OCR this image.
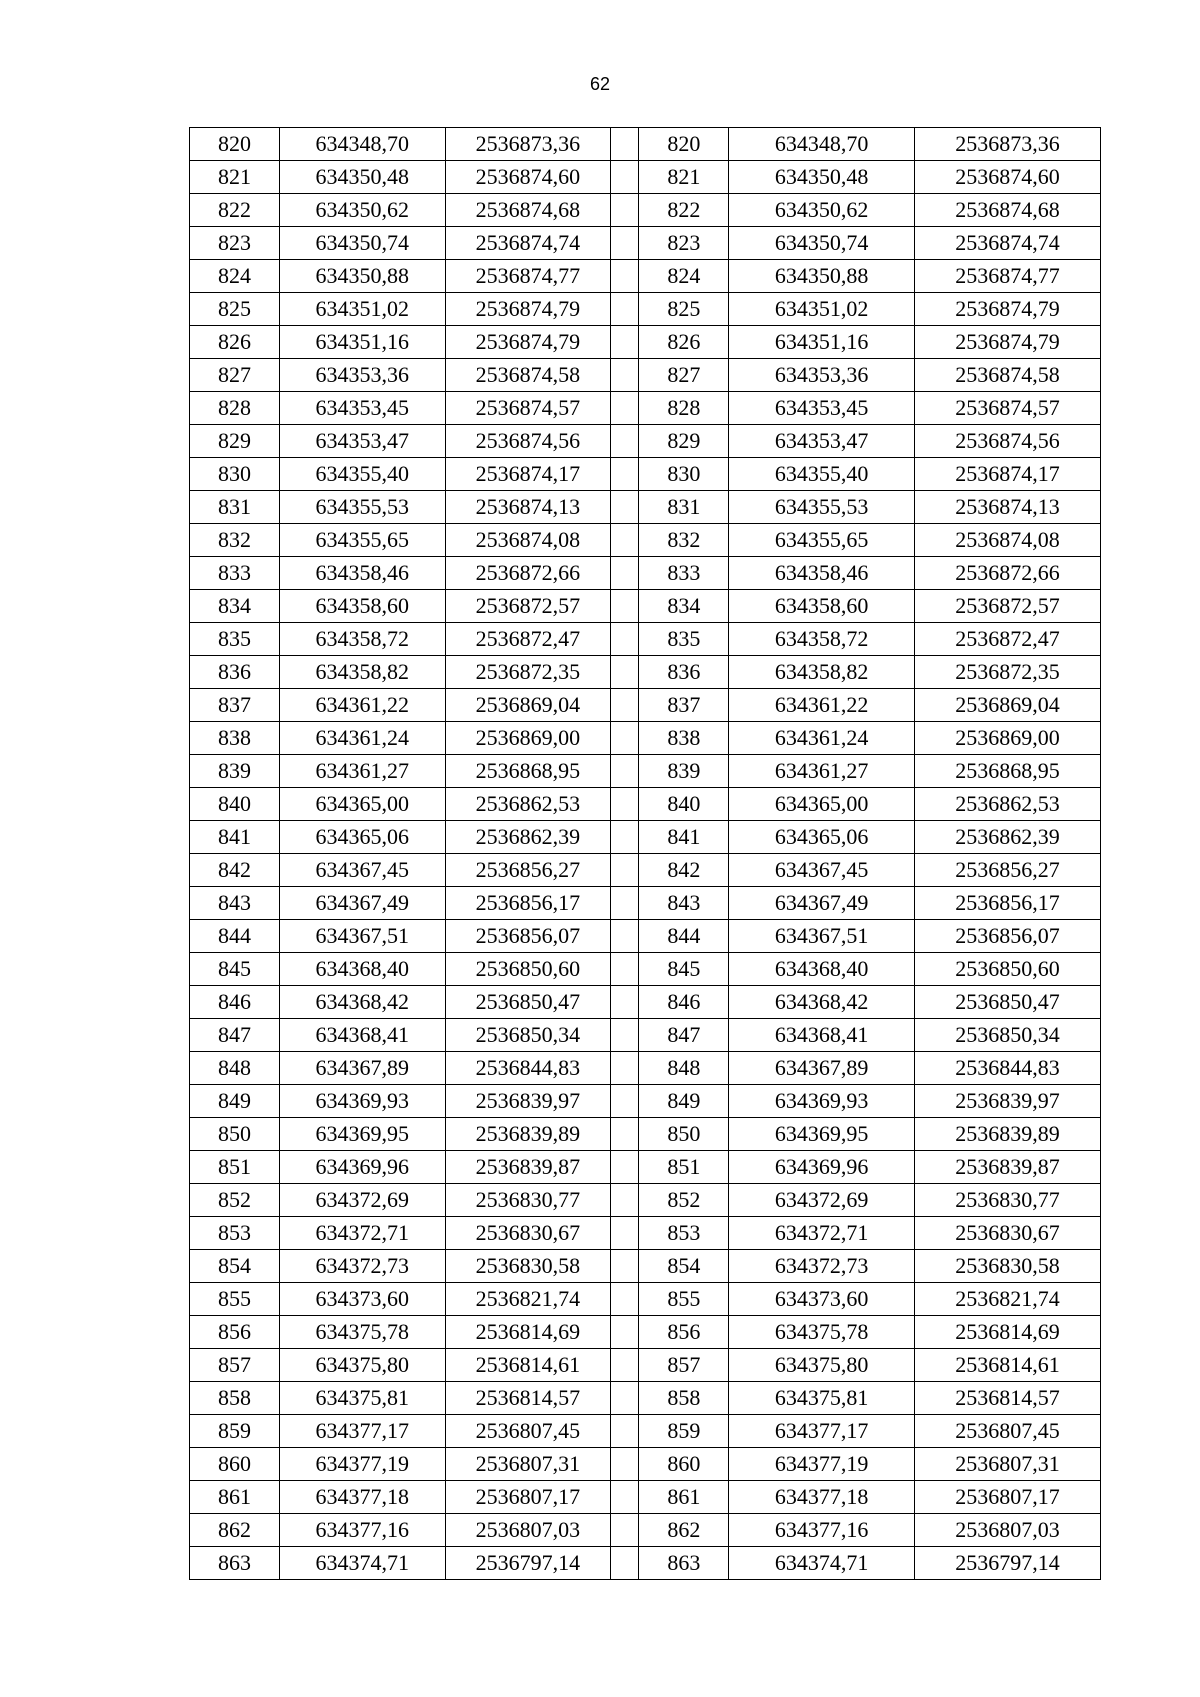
62
820	634348,70	2536873,36		820	634348,70	2536873,36
821	634350,48	2536874,60		821	634350,48	2536874,60
822	634350,62	2536874,68		822	634350,62	2536874,68
823	634350,74	2536874,74		823	634350,74	2536874,74
824	634350,88	2536874,77		824	634350,88	2536874,77
825	634351,02	2536874,79		825	634351,02	2536874,79
826	634351,16	2536874,79		826	634351,16	2536874,79
827	634353,36	2536874,58		827	634353,36	2536874,58
828	634353,45	2536874,57		828	634353,45	2536874,57
829	634353,47	2536874,56		829	634353,47	2536874,56
830	634355,40	2536874,17		830	634355,40	2536874,17
831	634355,53	2536874,13		831	634355,53	2536874,13
832	634355,65	2536874,08		832	634355,65	2536874,08
833	634358,46	2536872,66		833	634358,46	2536872,66
834	634358,60	2536872,57		834	634358,60	2536872,57
835	634358,72	2536872,47		835	634358,72	2536872,47
836	634358,82	2536872,35		836	634358,82	2536872,35
837	634361,22	2536869,04		837	634361,22	2536869,04
838	634361,24	2536869,00		838	634361,24	2536869,00
839	634361,27	2536868,95		839	634361,27	2536868,95
840	634365,00	2536862,53		840	634365,00	2536862,53
841	634365,06	2536862,39		841	634365,06	2536862,39
842	634367,45	2536856,27		842	634367,45	2536856,27
843	634367,49	2536856,17		843	634367,49	2536856,17
844	634367,51	2536856,07		844	634367,51	2536856,07
845	634368,40	2536850,60		845	634368,40	2536850,60
846	634368,42	2536850,47		846	634368,42	2536850,47
847	634368,41	2536850,34		847	634368,41	2536850,34
848	634367,89	2536844,83		848	634367,89	2536844,83
849	634369,93	2536839,97		849	634369,93	2536839,97
850	634369,95	2536839,89		850	634369,95	2536839,89
851	634369,96	2536839,87		851	634369,96	2536839,87
852	634372,69	2536830,77		852	634372,69	2536830,77
853	634372,71	2536830,67		853	634372,71	2536830,67
854	634372,73	2536830,58		854	634372,73	2536830,58
855	634373,60	2536821,74		855	634373,60	2536821,74
856	634375,78	2536814,69		856	634375,78	2536814,69
857	634375,80	2536814,61		857	634375,80	2536814,61
858	634375,81	2536814,57		858	634375,81	2536814,57
859	634377,17	2536807,45		859	634377,17	2536807,45
860	634377,19	2536807,31		860	634377,19	2536807,31
861	634377,18	2536807,17		861	634377,18	2536807,17
862	634377,16	2536807,03		862	634377,16	2536807,03
863	634374,71	2536797,14		863	634374,71	2536797,14
